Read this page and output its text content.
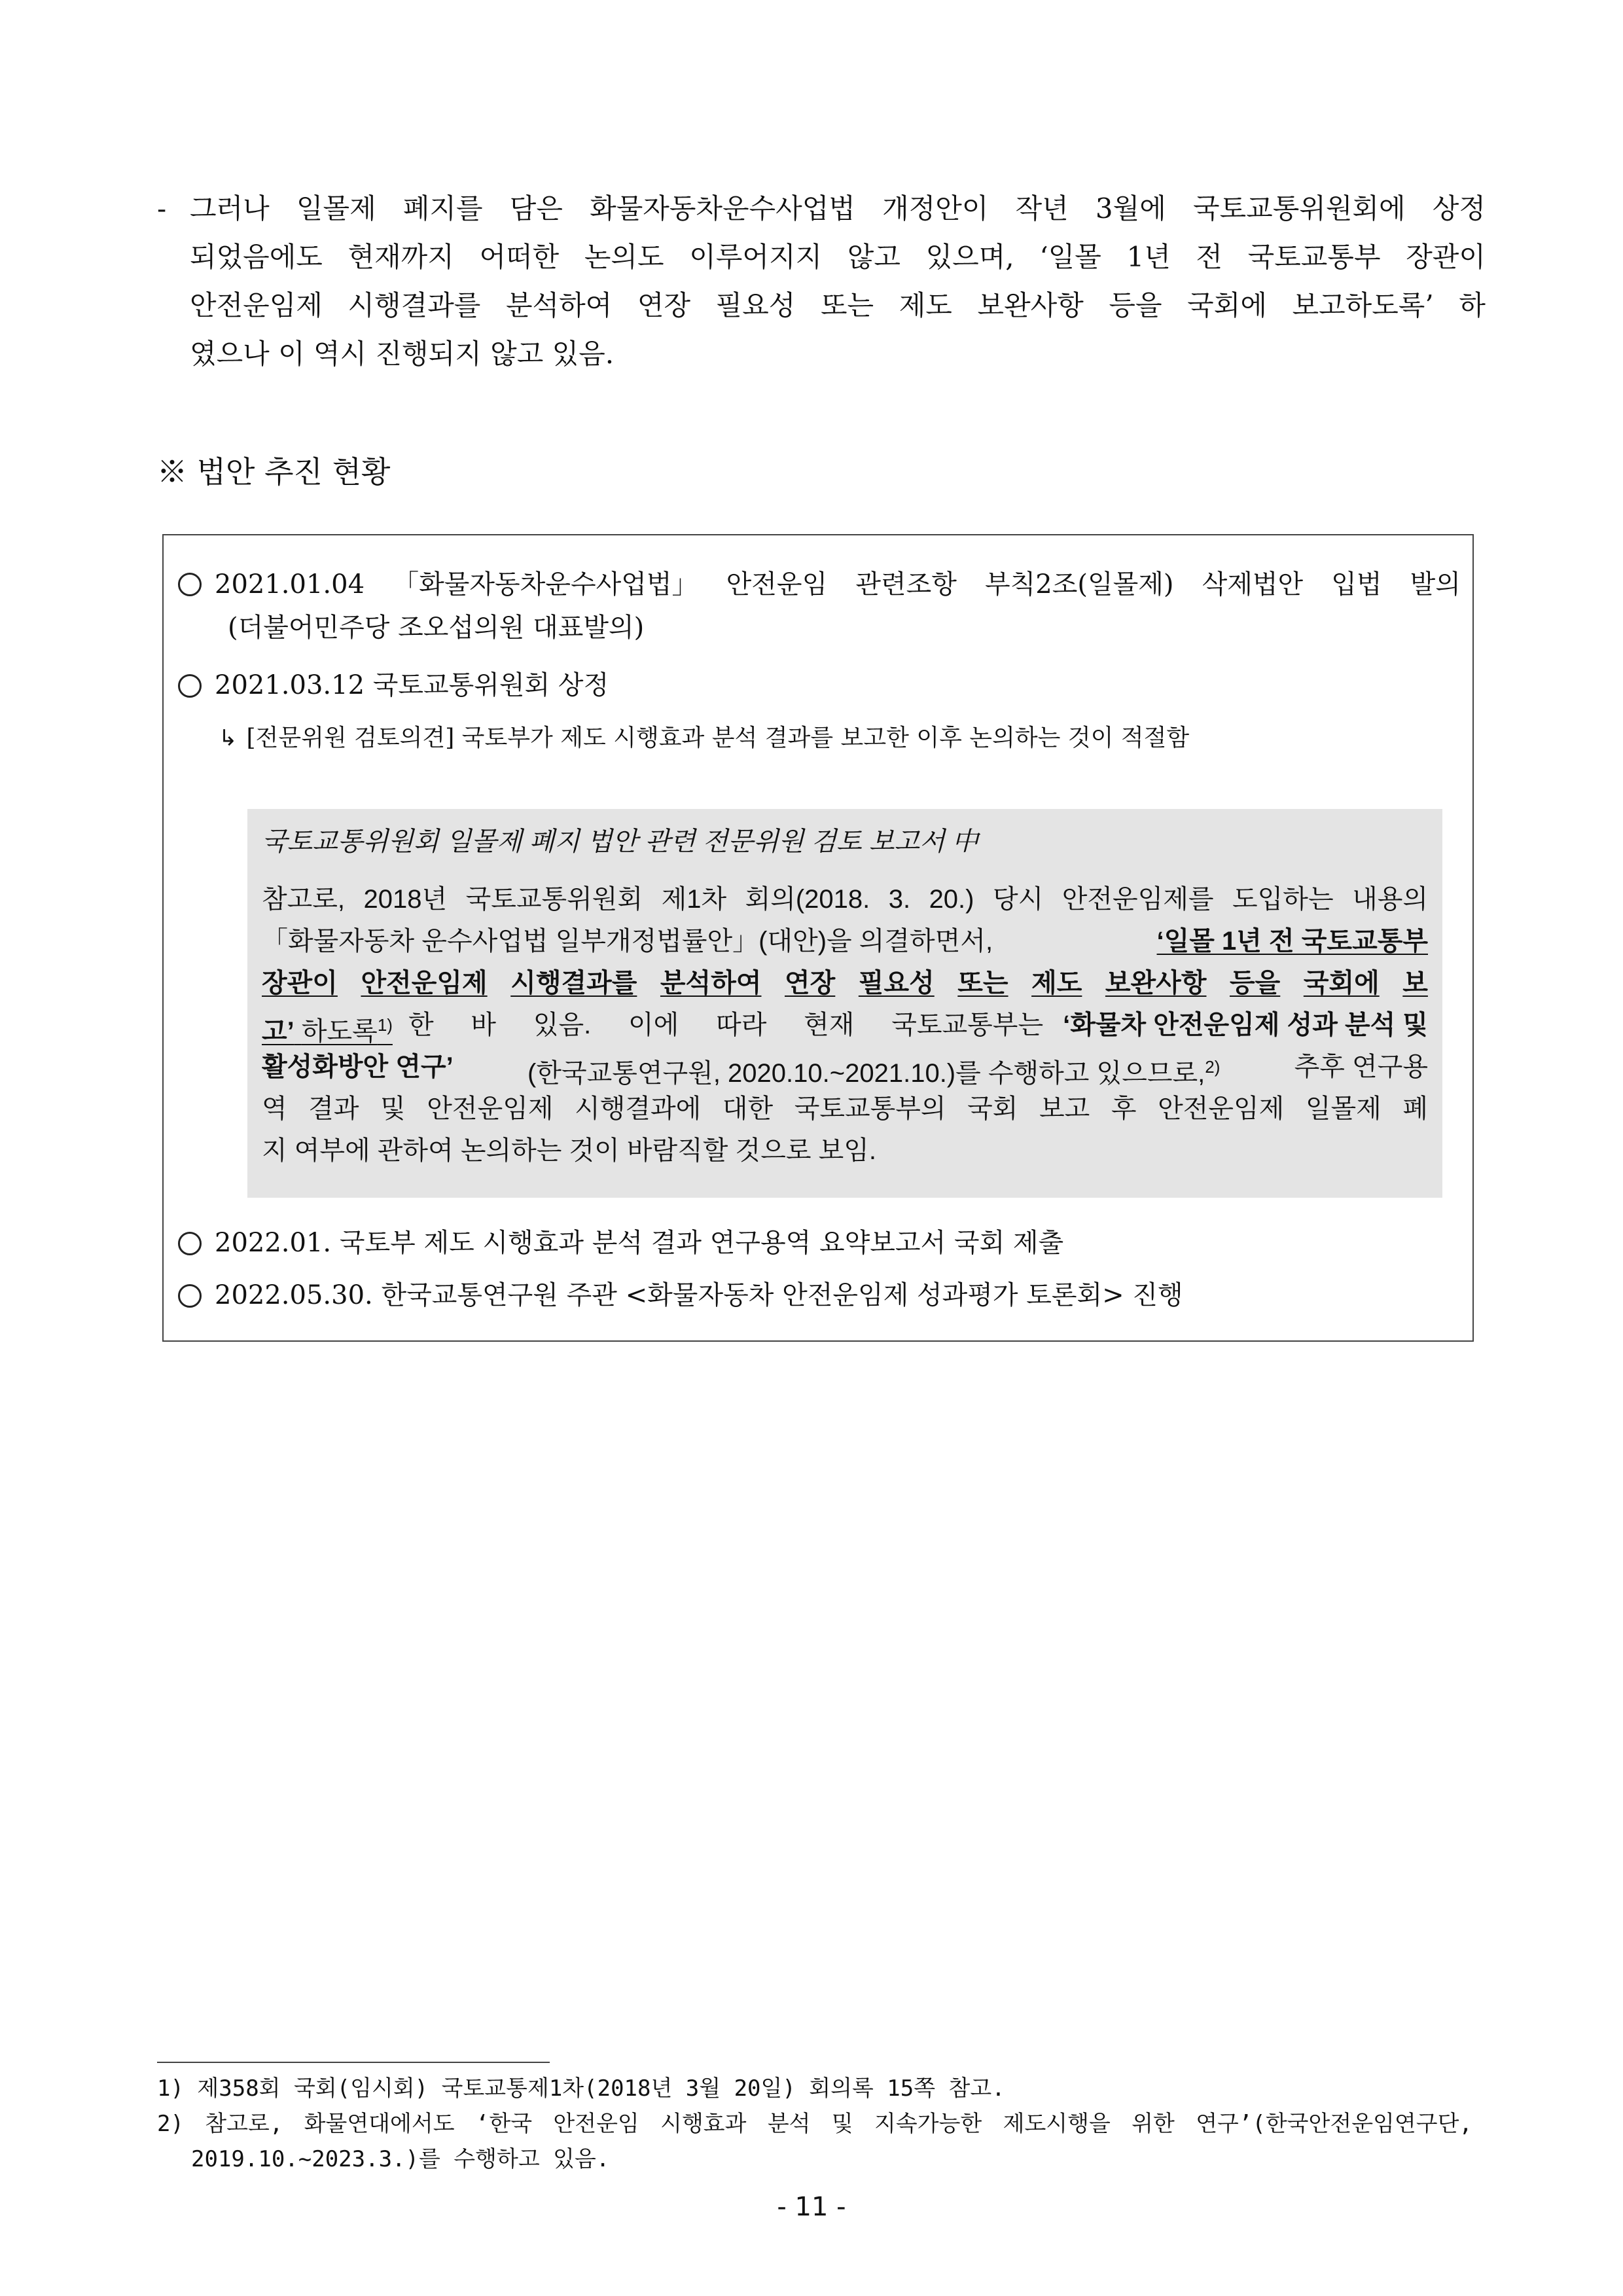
- 그러나 일몰제 폐지를 담은 화물자동차운수사업법 개정안이 작년 3월에 국토교통위원회에 상정
되었음에도 현재까지 어떠한 논의도 이루어지지 않고 있으며, ‘일몰 1년 전 국토교통부 장관이
안전운임제 시행결과를 분석하여 연장 필요성 또는 제도 보완사항 등을 국회에 보고하도록’ 하
였으나 이 역시 진행되지 않고 있음.
※ 법안 추진 현황
2021.01.04 「화물자동차운수사업법」 안전운임 관련조항 부칙2조(일몰제) 삭제법안 입법 발의
(더불어민주당 조오섭의원 대표발의)
2021.03.12 국토교통위원회 상정
↳ [전문위원 검토의견] 국토부가 제도 시행효과 분석 결과를 보고한 이후 논의하는 것이 적절함
국토교통위원회 일몰제 폐지 법안 관련 전문위원 검토 보고서 中
참고로, 2018년 국토교통위원회 제1차 회의(2018. 3. 20.) 당시 안전운임제를 도입하는 내용의
「화물자동차 운수사업법 일부개정법률안」(대안)을 의결하면서,	‘일몰 1년 전 국토교통부
장관이 안전운임제 시행결과를 분석하여 연장 필요성 또는 제도 보완사항 등을 국회에 보
고’ 하도록$^{1)}$ 한 바 있음. 이에 따라 현재 국토교통부는 ‘화물차 안전운임제 성과 분석 및
활성화방안 연구’	(한국교통연구원, 2020.10.~2021.10.)를 수행하고 있으므로,$^{2)}$	추후 연구용
역 결과 및 안전운임제 시행결과에 대한 국토교통부의 국회 보고 후 안전운임제 일몰제 폐
지 여부에 관하여 논의하는 것이 바람직할 것으로 보임.
2022.01. 국토부 제도 시행효과 분석 결과 연구용역 요약보고서 국회 제출
2022.05.30. 한국교통연구원 주관 <화물자동차 안전운임제 성과평가 토론회> 진행
1) 제358회 국회(임시회) 국토교통제1차(2018년 3월 20일) 회의록 15쪽 참고.
2) 참고로, 화물연대에서도 ‘한국 안전운임 시행효과 분석 및 지속가능한 제도시행을 위한 연구’(한국안전운임연구단,
2019.10.~2023.3.)를 수행하고 있음.
- 11 -
